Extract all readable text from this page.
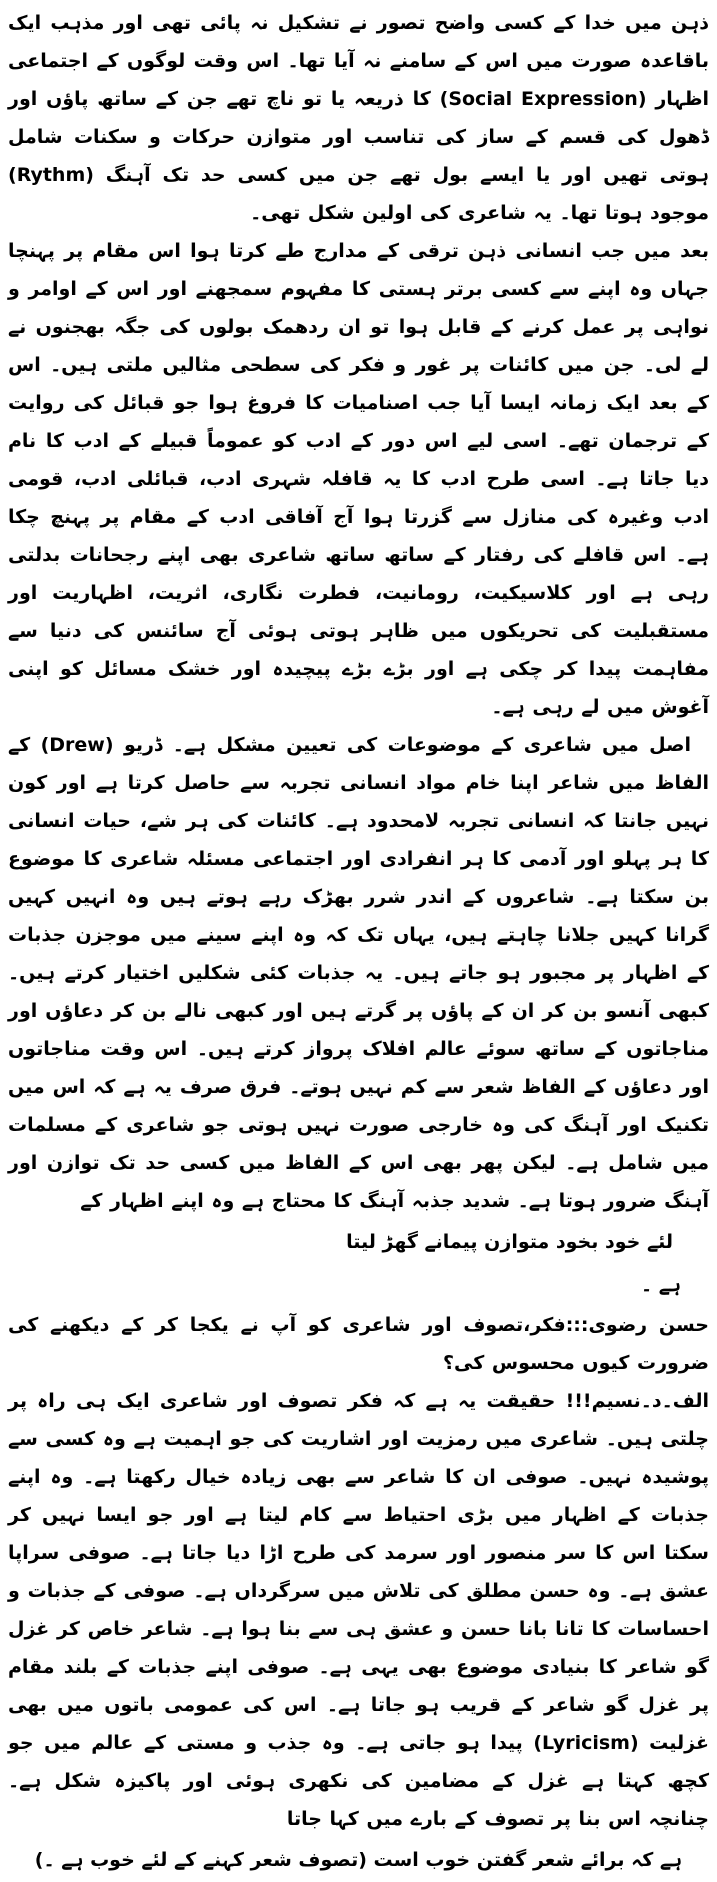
ذہن میں خدا کے کسی واضح تصور نے تشکیل نہ پائی تھی اور مذہب ایک باقاعدہ صورت میں اس کے سامنے نہ آیا تھا۔ اس وقت لوگوں کے اجتماعی اظہار (Social Expression) کا ذریعہ یا تو ناچ تھے جن کے ساتھ پاؤں اور ڈھول کی قسم کے ساز کی تناسب اور متوازن حرکات و سکنات شامل ہوتی تھیں اور یا ایسے بول تھے جن میں کسی حد تک آہنگ (Rythm) موجود ہوتا تھا۔ یہ شاعری کی اولین شکل تھی۔

بعد میں جب انسانی ذہن ترقی کے مدارج طے کرتا ہوا اس مقام پر پہنچا جہاں وہ اپنے سے کسی برتر ہستی کا مفہوم سمجھنے اور اس کے اوامر و نواہی پر عمل کرنے کے قابل ہوا تو ان ردھمک بولوں کی جگہ بھجنوں نے لے لی۔ جن میں کائنات پر غور و فکر کی سطحی مثالیں ملتی ہیں۔ اس کے بعد ایک زمانہ ایسا آیا جب اصنامیات کا فروغ ہوا جو قبائل کی روایت کے ترجمان تھے۔ اسی لیے اس دور کے ادب کو عموماً قبیلے کے ادب کا نام دیا جاتا ہے۔ اسی طرح ادب کا یہ قافلہ شہری ادب، قبائلی ادب، قومی ادب وغیرہ کی منازل سے گزرتا ہوا آج آفاقی ادب کے مقام پر پہنچ چکا ہے۔ اس قافلے کی رفتار کے ساتھ ساتھ شاعری بھی اپنے رجحانات بدلتی رہی ہے اور کلاسیکیت، رومانیت، فطرت نگاری، اثریت، اظہاریت اور مستقبلیت کی تحریکوں میں ظاہر ہوتی ہوئی آج سائنس کی دنیا سے مفاہمت پیدا کر چکی ہے اور بڑے بڑے پیچیدہ اور خشک مسائل کو اپنی آغوش میں لے رہی ہے۔

اصل میں شاعری کے موضوعات کی تعیین مشکل ہے۔ ڈریو (Drew) کے الفاظ میں شاعر اپنا خام مواد انسانی تجربہ سے حاصل کرتا ہے اور کون نہیں جانتا کہ انسانی تجربہ لامحدود ہے۔ کائنات کی ہر شے، حیات انسانی کا ہر پہلو اور آدمی کا ہر انفرادی اور اجتماعی مسئلہ شاعری کا موضوع بن سکتا ہے۔ شاعروں کے اندر شرر بھڑک رہے ہوتے ہیں وہ انہیں کہیں گرانا کہیں جلانا چاہتے ہیں، یہاں تک کہ وہ اپنے سینے میں موجزن جذبات کے اظہار پر مجبور ہو جاتے ہیں۔ یہ جذبات کئی شکلیں اختیار کرتے ہیں۔ کبھی آنسو بن کر ان کے پاؤں پر گرتے ہیں اور کبھی نالے بن کر دعاؤں اور مناجاتوں کے ساتھ سوئے عالم افلاک پرواز کرتے ہیں۔ اس وقت مناجاتوں اور دعاؤں کے الفاظ شعر سے کم نہیں ہوتے۔ فرق صرف یہ ہے کہ اس میں تکنیک اور آہنگ کی وہ خارجی صورت نہیں ہوتی جو شاعری کے مسلمات میں شامل ہے۔ لیکن پھر بھی اس کے الفاظ میں کسی حد تک توازن اور آہنگ ضرور ہوتا ہے۔ شدید جذبہ آہنگ کا محتاج ہے وہ اپنے اظہار کے

لئے خود بخود متوازن پیمانے گھڑ لیتا
ہے ۔

حسن رضوی:::فکر،تصوف اور شاعری کو آپ نے یکجا کر کے دیکھنے کی ضرورت کیوں محسوس کی؟

الف۔د۔نسیم!!! حقیقت یہ ہے کہ فکر تصوف اور شاعری ایک ہی راہ پر چلتی ہیں۔ شاعری میں رمزیت اور اشاریت کی جو اہمیت ہے وہ کسی سے پوشیدہ نہیں۔ صوفی ان کا شاعر سے بھی زیادہ خیال رکھتا ہے۔ وہ اپنے جذبات کے اظہار میں بڑی احتیاط سے کام لیتا ہے اور جو ایسا نہیں کر سکتا اس کا سر منصور اور سرمد کی طرح اڑا دیا جاتا ہے۔ صوفی سراپا عشق ہے۔ وہ حسن مطلق کی تلاش میں سرگرداں ہے۔ صوفی کے جذبات و احساسات کا تانا بانا حسن و عشق ہی سے بنا ہوا ہے۔ شاعر خاص کر غزل گو شاعر کا بنیادی موضوع بھی یہی ہے۔ صوفی اپنے جذبات کے بلند مقام پر غزل گو شاعر کے قریب ہو جاتا ہے۔ اس کی عمومی باتوں میں بھی غزلیت (Lyricism) پیدا ہو جاتی ہے۔ وہ جذب و مستی کے عالم میں جو کچھ کہتا ہے غزل کے مضامین کی نکھری ہوئی اور پاکیزہ شکل ہے۔ چنانچہ اس بنا پر تصوف کے بارے میں کہا جاتا

ہے کہ برائے شعر گفتن خوب است (تصوف شعر کہنے کے لئے خوب ہے ۔)
